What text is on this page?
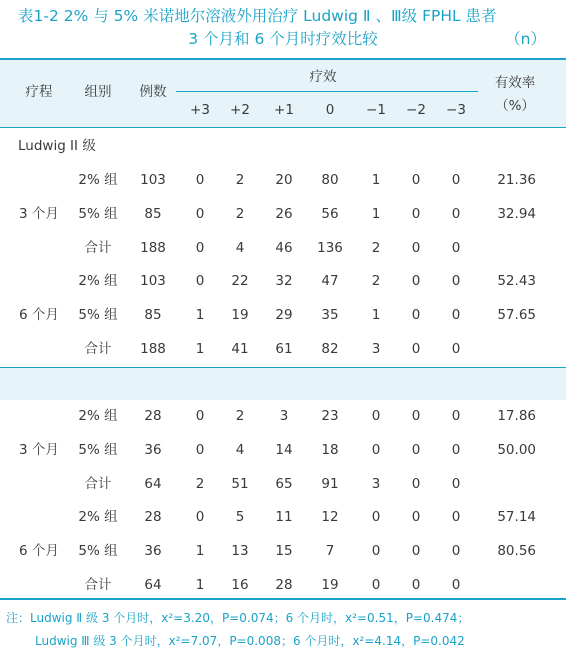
表1-2 2% 与 5% 米诺地尔溶液外用治疗 Ludwig Ⅱ 、Ⅲ级 FPHL 患者
3 个月和 6 个月时疗效比较	（n）
疗程 组别 例数
疗效	有效率
（%）
+3 +2 +1 0 −1 −2 −3
Ludwig II 级
2% 组 103 0 2 20 80 1 0 0	21.36
3 个月 5% 组 85	0 2 26 56 1 0 0	32.94
合计 188 0 4 46 136 2 0 0
2% 组 103 0 22 32 47 2 0 0	52.43
6 个月 5% 组 85	1 19 29 35 1 0 0	57.65
合计 188 1 41 61 82 3 0 0
2% 组 28	0 2	3 23 0 0 0	17.86
3 个月 5% 组 36	0 4 14 18 0 0 0	50.00
合计 64	2 51 65 91 3 0 0
2% 组 28	0 5 11 12 0 0 0	57.14
6 个月 5% 组 36	1 13 15 7	0 0 0	80.56
合计 64	1 16 28 19 0 0 0
注：Ludwig Ⅱ 级 3 个月时，x²=3.20，P=0.074；6 个月时，x²=0.51，P=0.474；
Ludwig Ⅲ 级 3 个月时，x²=7.07，P=0.008；6 个月时，x²=4.14，P=0.042
